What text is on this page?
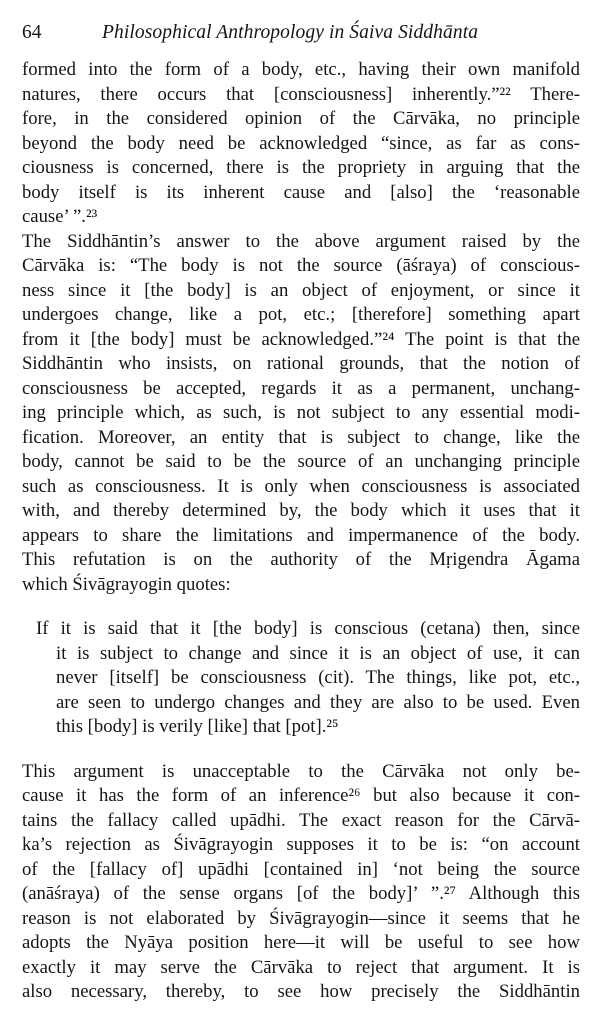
64	Philosophical Anthropology in Śaiva Siddhānta

formed into the form of a body, etc., having their own manifold
natures, there occurs that [consciousness] inherently.”²² There-
fore, in the considered opinion of the Cārvāka, no principle
beyond the body need be acknowledged “since, as far as cons-
ciousness is concerned, there is the propriety in arguing that the
body itself is its inherent cause and [also] the ‘reasonable
cause’ ”.²³

The Siddhāntin’s answer to the above argument raised by the
Cārvāka is: “The body is not the source (āśraya) of conscious-
ness since it [the body] is an object of enjoyment, or since it
undergoes change, like a pot, etc.; [therefore] something apart
from it [the body] must be acknowledged.”²⁴ The point is that the
Siddhāntin who insists, on rational grounds, that the notion of
consciousness be accepted, regards it as a permanent, unchang-
ing principle which, as such, is not subject to any essential modi-
fication. Moreover, an entity that is subject to change, like the
body, cannot be said to be the source of an unchanging principle
such as consciousness. It is only when consciousness is associated
with, and thereby determined by, the body which it uses that it
appears to share the limitations and impermanence of the body.
This refutation is on the authority of the Mṛigendra Āgama
which Śivāgrayogin quotes:

If it is said that it [the body] is conscious (cetana) then, since
it is subject to change and since it is an object of use, it can
never [itself] be consciousness (cit). The things, like pot, etc.,
are seen to undergo changes and they are also to be used. Even
this [body] is verily [like] that [pot].²⁵

This argument is unacceptable to the Cārvāka not only be-
cause it has the form of an inference²⁶ but also because it con-
tains the fallacy called upādhi. The exact reason for the Cārvā-
ka’s rejection as Śivāgrayogin supposes it to be is: “on account
of the [fallacy of] upādhi [contained in] ‘not being the source
(anāśraya) of the sense organs [of the body]’ ”.²⁷ Although this
reason is not elaborated by Śivāgrayogin—since it seems that he
adopts the Nyāya position here—it will be useful to see how
exactly it may serve the Cārvāka to reject that argument. It is
also necessary, thereby, to see how precisely the Siddhāntin
